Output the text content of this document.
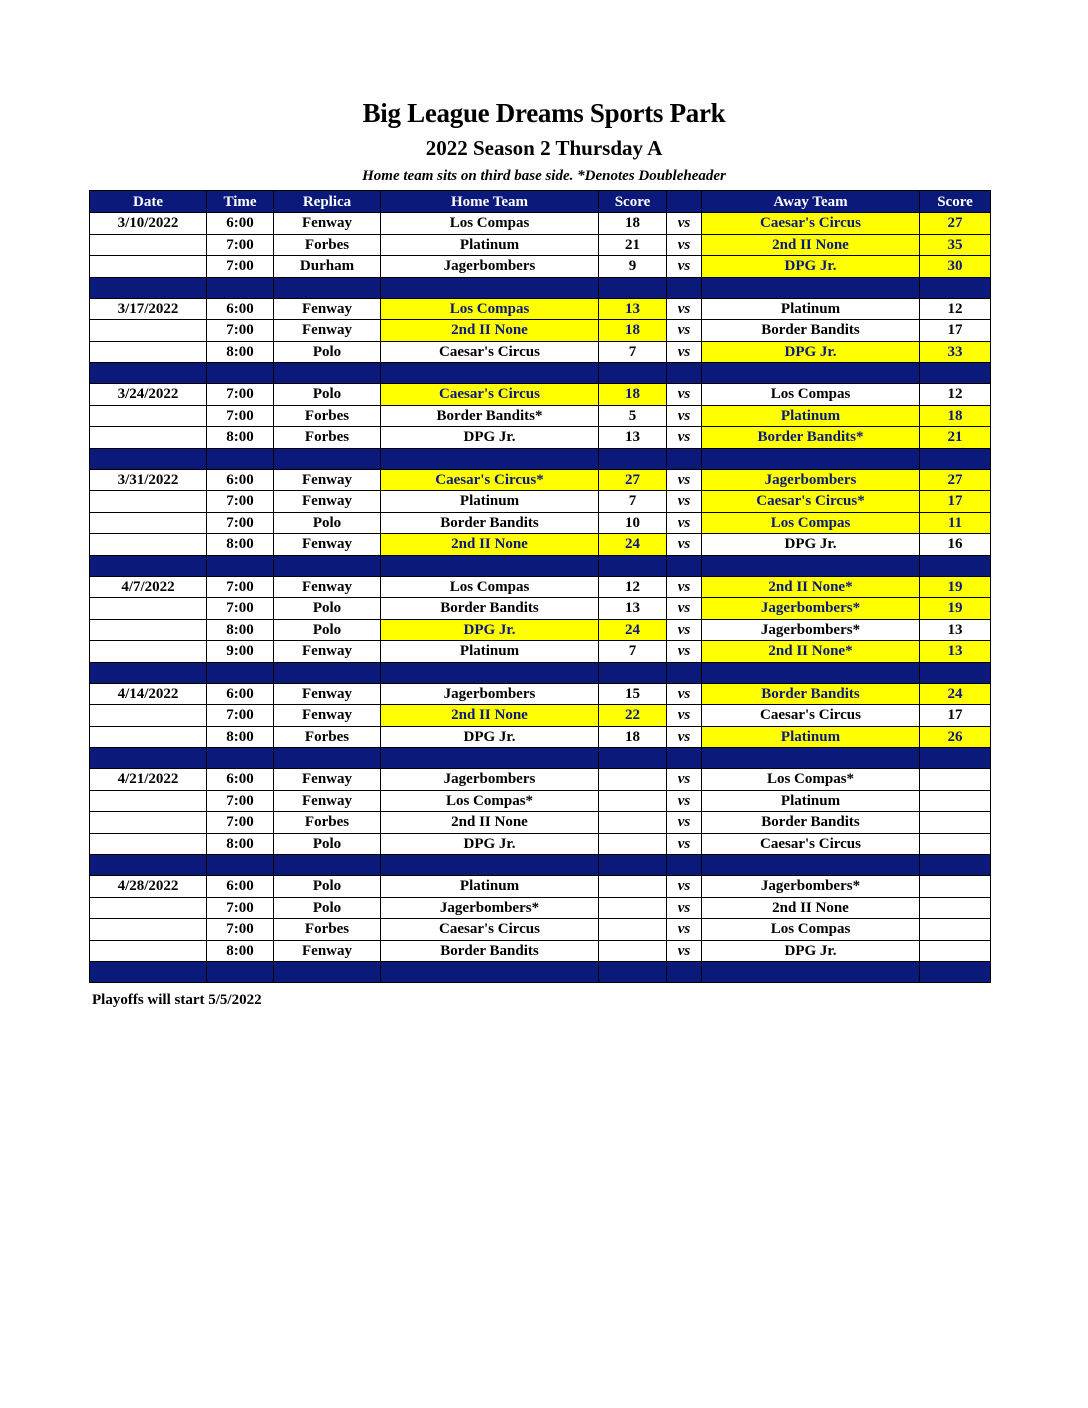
Big League Dreams Sports Park
2022 Season 2 Thursday A
Home team sits on third base side. *Denotes Doubleheader
Date	Time	Replica	Home Team	Score		Away Team	Score
3/10/2022	6:00	Fenway	Los Compas	18	vs	Caesar's Circus	27
	7:00	Forbes	Platinum	21	vs	2nd II None	35
	7:00	Durham	Jagerbombers	9	vs	DPG Jr.	30

3/17/2022	6:00	Fenway	Los Compas	13	vs	Platinum	12
	7:00	Fenway	2nd II None	18	vs	Border Bandits	17
	8:00	Polo	Caesar's Circus	7	vs	DPG Jr.	33

3/24/2022	7:00	Polo	Caesar's Circus	18	vs	Los Compas	12
	7:00	Forbes	Border Bandits*	5	vs	Platinum	18
	8:00	Forbes	DPG Jr.	13	vs	Border Bandits*	21

3/31/2022	6:00	Fenway	Caesar's Circus*	27	vs	Jagerbombers	27
	7:00	Fenway	Platinum	7	vs	Caesar's Circus*	17
	7:00	Polo	Border Bandits	10	vs	Los Compas	11
	8:00	Fenway	2nd II None	24	vs	DPG Jr.	16

4/7/2022	7:00	Fenway	Los Compas	12	vs	2nd II None*	19
	7:00	Polo	Border Bandits	13	vs	Jagerbombers*	19
	8:00	Polo	DPG Jr.	24	vs	Jagerbombers*	13
	9:00	Fenway	Platinum	7	vs	2nd II None*	13

4/14/2022	6:00	Fenway	Jagerbombers	15	vs	Border Bandits	24
	7:00	Fenway	2nd II None	22	vs	Caesar's Circus	17
	8:00	Forbes	DPG Jr.	18	vs	Platinum	26

4/21/2022	6:00	Fenway	Jagerbombers		vs	Los Compas*	
	7:00	Fenway	Los Compas*		vs	Platinum	
	7:00	Forbes	2nd II None		vs	Border Bandits	
	8:00	Polo	DPG Jr.		vs	Caesar's Circus	

4/28/2022	6:00	Polo	Platinum		vs	Jagerbombers*	
	7:00	Polo	Jagerbombers*		vs	2nd II None	
	7:00	Forbes	Caesar's Circus		vs	Los Compas	
	8:00	Fenway	Border Bandits		vs	DPG Jr.	

Playoffs will start 5/5/2022
